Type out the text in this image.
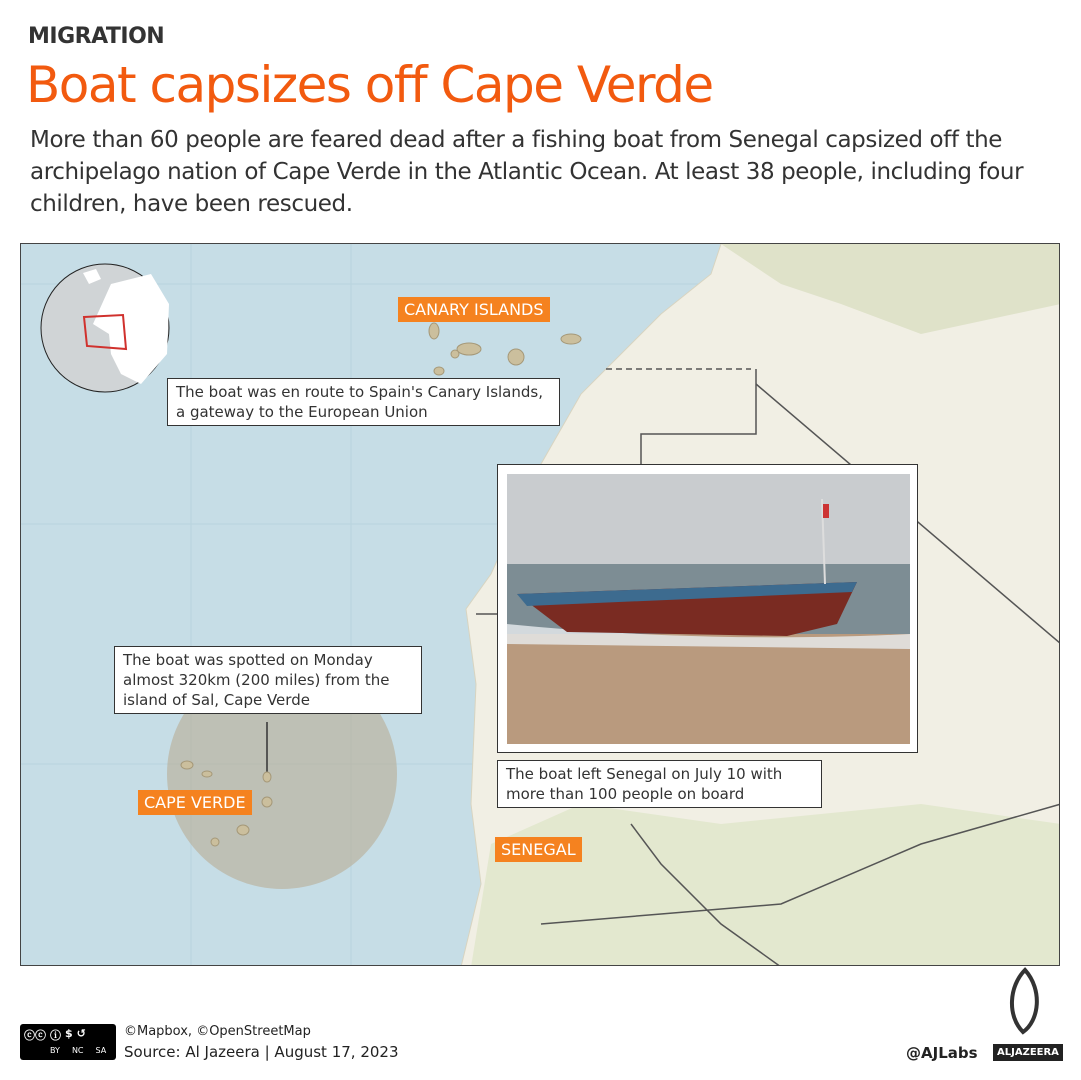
MIGRATION
Boat capsizes off Cape Verde
More than 60 people are feared dead after a fishing boat from Senegal capsized off the archipelago nation of Cape Verde in the Atlantic Ocean. At least 38 people, including four children, have been rescued.
CANARY ISLANDS
CAPE VERDE
SENEGAL
The boat was en route to Spain's Canary Islands, a gateway to the European Union
The boat was spotted on Monday almost 320km (200 miles) from the island of Sal, Cape Verde
The boat left Senegal on July 10 with more than 100 people on board
ⓒⓒ ⓘ $ ↺
BY NC SA
©Mapbox, ©OpenStreetMap
Source: Al Jazeera | August 17, 2023	@AJLabs	ALJAZEERA
